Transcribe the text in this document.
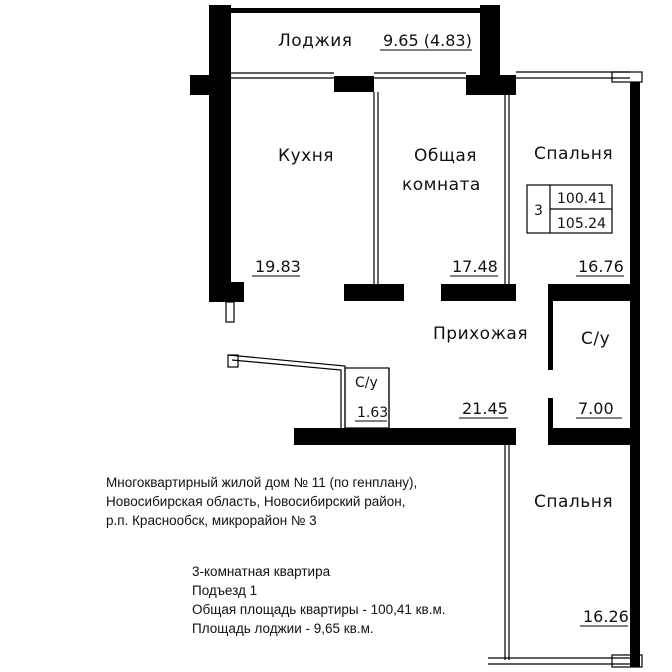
Лоджия 9.65 (4.83)
Кухня
19.83
Общая
комната
17.48
Спальня
16.76
3
100.41
105.24
Прихожая
21.45
С/у
7.00
С/у
1.63
Спальня
16.26
Многоквартирный жилой дом № 11 (по генплану),
Новосибирская область, Новосибирский район,
р.п. Краснообск, микрорайон № 3
3-комнатная квартира
Подъезд 1
Общая площадь квартиры - 100,41 кв.м.
Площадь лоджии - 9,65 кв.м.
